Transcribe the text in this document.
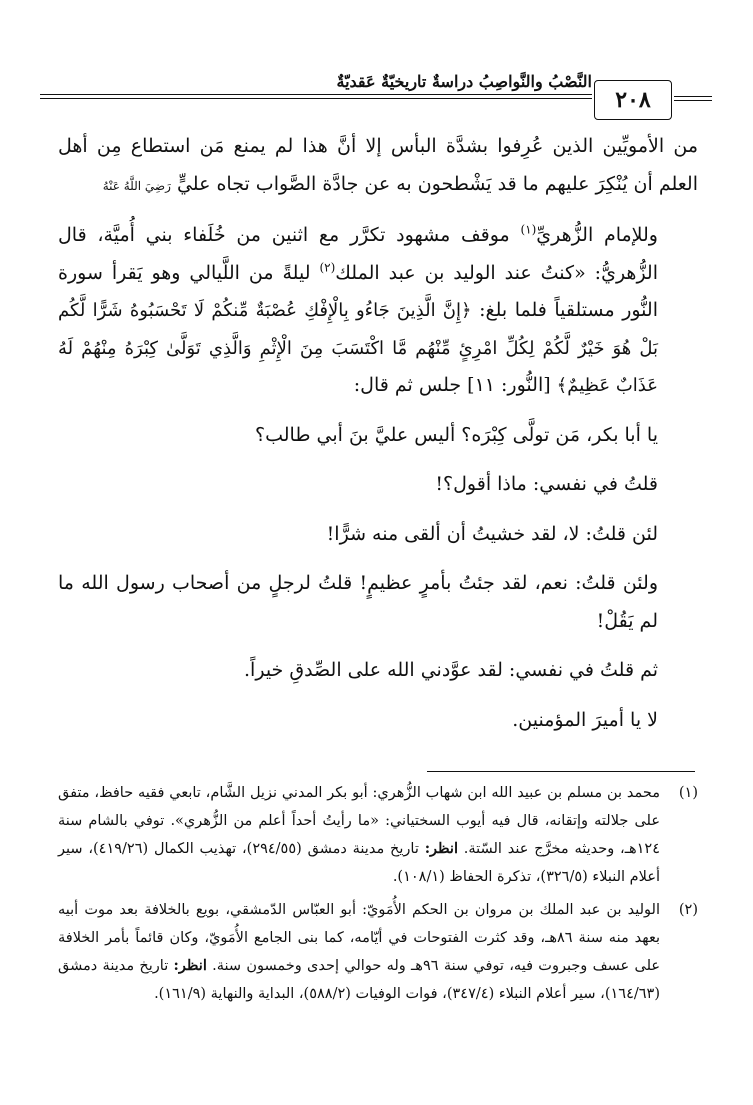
النَّصْبُ والنَّواصِبُ دراسةٌ تاريخيّةٌ عَقديّةٌ
٢٠٨

من الأمويِّين الذين عُرِفوا بشدَّة البأس إلا أنَّ هذا لم يمنع مَن استطاع مِن أهل العلم أن يُنْكِرَ عليهم ما قد يَشْطحون به عن جادَّة الصَّواب تجاه عليٍّ رَضِيَ اللَّهُ عَنْهُ

وللإمام الزُّهريِّ$^{(١)}$ موقف مشهود تكرَّر مع اثنين من خُلَفاء بني أُميَّة، قال الزُّهريُّ: «كنتُ عند الوليد بن عبد الملك$^{(٢)}$ ليلةً من اللَّيالي وهو يَقرأ سورة النُّور مستلقياً فلما بلغ: ﴿إِنَّ الَّذِينَ جَاءُو بِالْإِفْكِ عُصْبَةٌ مِّنكُمْ لَا تَحْسَبُوهُ شَرًّا لَّكُم بَلْ هُوَ خَيْرٌ لَّكُمْ لِكُلِّ امْرِئٍ مِّنْهُم مَّا اكْتَسَبَ مِنَ الْإِثْمِ وَالَّذِي تَوَلَّىٰ كِبْرَهُ مِنْهُمْ لَهُ عَذَابٌ عَظِيمٌ﴾ [النُّور: ١١] جلس ثم قال:

يا أبا بكر، مَن تولَّى كِبْرَه؟ أليس عليَّ بنَ أبي طالب؟

قلتُ في نفسي: ماذا أقول؟!

لئن قلتُ: لا، لقد خشيتُ أن ألقى منه شرًّا!

ولئن قلتُ: نعم، لقد جئتُ بأمرٍ عظيمٍ! قلتُ لرجلٍ من أصحاب رسول الله ما لم يَقُلْ!

ثم قلتُ في نفسي: لقد عوَّدني الله على الصِّدقِ خيراً.

لا يا أميرَ المؤمنين.

(١)
محمد بن مسلم بن عبيد الله ابن شهاب الزُّهري: أبو بكر المدني نزيل الشَّام، تابعي فقيه حافظ، متفق على جلالته وإتقانه، قال فيه أيوب السختياني: «ما رأيتُ أحداً أعلم من الزُّهري». توفي بالشام سنة ١٢٤هـ، وحديثه مخرَّج عند السّتة. انظر: تاريخ مدينة دمشق (٢٩٤/٥٥)، تهذيب الكمال (٤١٩/٢٦)، سير أعلام النبلاء (٣٢٦/٥)، تذكرة الحفاظ (١٠٨/١).
(٢)
الوليد بن عبد الملك بن مروان بن الحكم الأُمَويّ: أبو العبّاس الدّمشقي، بويع بالخلافة بعد موت أبيه بعهد منه سنة ٨٦هـ، وقد كثرت الفتوحات في أيّامه، كما بنى الجامع الأُمَويّ، وكان قائماً بأمر الخلافة على عسف وجبروت فيه، توفي سنة ٩٦هـ وله حوالي إحدى وخمسون سنة. انظر: تاريخ مدينة دمشق (١٦٤/٦٣)، سير أعلام النبلاء (٣٤٧/٤)، فوات الوفيات (٥٨٨/٢)، البداية والنهاية (١٦١/٩).
